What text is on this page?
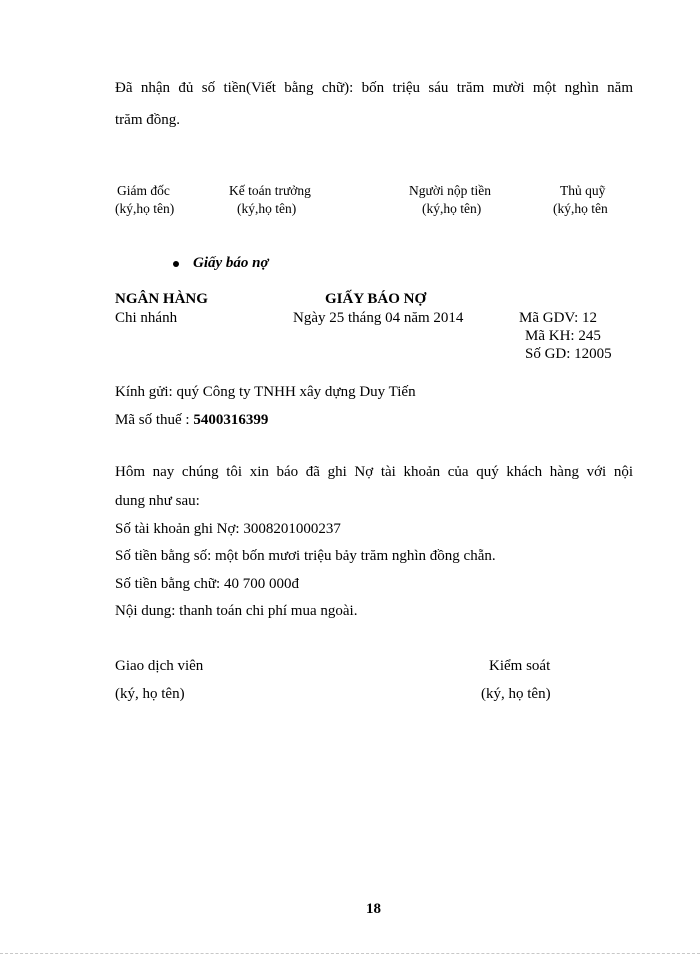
Đã nhận đủ số tiền(Viết bằng chữ): bốn triệu sáu trăm mười một nghìn năm
trăm đồng.
Giám đốc
(ký,họ tên)
Kế toán trưởng
(ký,họ tên)
Người nộp tiền
(ký,họ tên)
Thủ quỹ
(ký,họ tên
Giấy báo nợ
NGÂN HÀNG
Chi nhánh
GIẤY BÁO NỢ
Ngày 25 tháng 04 năm 2014	Mã GDV: 12
Mã KH: 245
Số GD: 12005
Kính gửi: quý Công ty TNHH xây dựng Duy Tiến
Mã số thuế : 5400316399
Hôm nay chúng tôi xin báo đã ghi Nợ tài khoản của quý khách hàng với nội
dung như sau:
Số tài khoản ghi Nợ: 3008201000237
Số tiền bằng số: một bốn mươi triệu bảy trăm nghìn đồng chẵn.
Số tiền bằng chữ: 40 700 000đ
Nội dung: thanh toán chi phí mua ngoài.
Giao dịch viên
(ký, họ tên)
Kiểm soát
(ký, họ tên)
18
